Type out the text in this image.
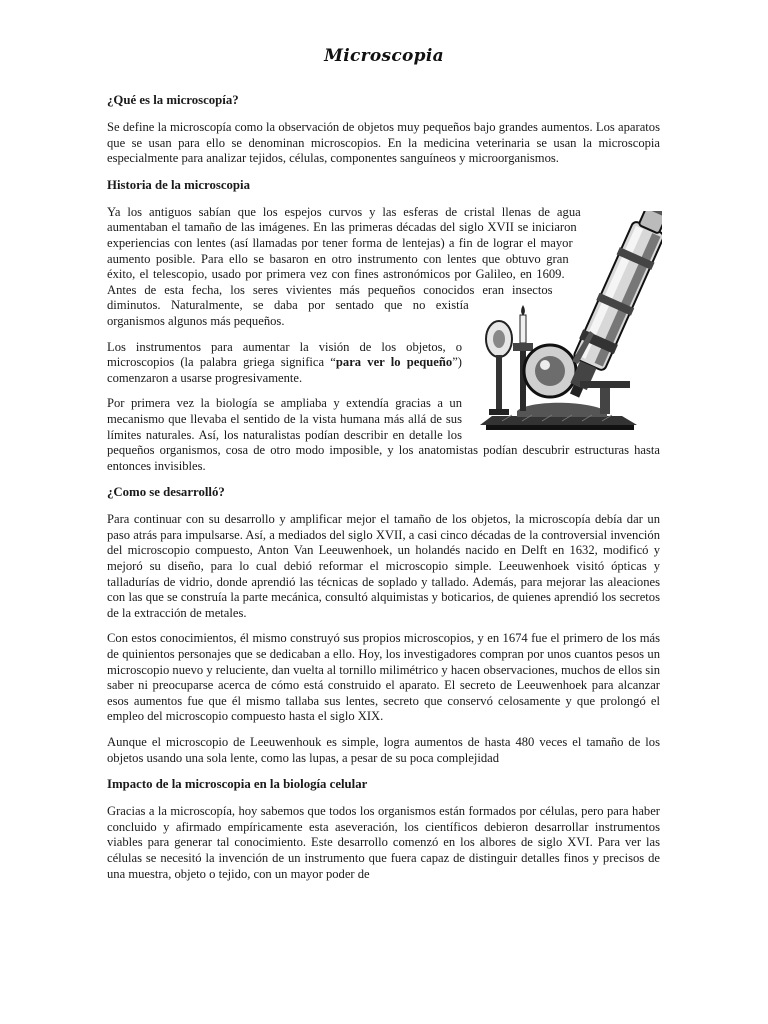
Microscopia
¿Qué es la microscopía?

Se define la microscopía como la observación de objetos muy pequeños bajo grandes aumentos. Los aparatos que se usan para ello se denominan microscopios. En la medicina veterinaria se usan la microscopia especialmente para analizar tejidos, células, componentes sanguíneos y microorganismos.

Historia de la microscopia

Ya los antiguos sabían que los espejos curvos y las esferas de cristal llenas de agua aumentaban el tamaño de las imágenes. En las primeras décadas del siglo XVII se iniciaron experiencias con lentes (así llamadas por tener forma de lentejas) a fin de lograr el mayor aumento posible. Para ello se basaron en otro instrumento con lentes que obtuvo gran éxito, el telescopio, usado por primera vez con fines astronómicos por Galileo, en 1609. Antes de esta fecha, los seres vivientes más pequeños conocidos eran insectos diminutos. Naturalmente, se daba por sentado que no existía organismos algunos más pequeños.

Los instrumentos para aumentar la visión de los objetos, o microscopios (la palabra griega significa “para ver lo pequeño”) comenzaron a usarse progresivamente.

Por primera vez la biología se ampliaba y extendía gracias a un mecanismo que llevaba el sentido de la vista humana más allá de sus límites naturales. Así, los naturalistas podían describir en detalle los pequeños organismos, cosa de otro modo imposible, y los anatomistas podían descubrir estructuras hasta entonces invisibles.

¿Como se desarrolló?

Para continuar con su desarrollo y amplificar mejor el tamaño de los objetos, la microscopía debía dar un paso atrás para impulsarse. Así, a mediados del siglo XVII, a casi cinco décadas de la controversial invención del microscopio compuesto, Anton Van Leeuwenhoek, un holandés nacido en Delft en 1632, modificó y mejoró su diseño, para lo cual debió reformar el microscopio simple. Leeuwenhoek visitó ópticas y talladurías de vidrio, donde aprendió las técnicas de soplado y tallado. Además, para mejorar las aleaciones con las que se construía la parte mecánica, consultó alquimistas y boticarios, de quienes aprendió los secretos de la extracción de metales.

Con estos conocimientos, él mismo construyó sus propios microscopios, y en 1674 fue el primero de los más de quinientos personajes que se dedicaban a ello. Hoy, los investigadores compran por unos cuantos pesos un microscopio nuevo y reluciente, dan vuelta al tornillo milimétrico y hacen observaciones, muchos de ellos sin saber ni preocuparse acerca de cómo está construido el aparato. El secreto de Leeuwenhoek para alcanzar esos aumentos fue que él mismo tallaba sus lentes, secreto que conservó celosamente y que prolongó el empleo del microscopio compuesto hasta el siglo XIX.

Aunque el microscopio de Leeuwenhouk es simple, logra aumentos de hasta 480 veces el tamaño de los objetos usando una sola lente, como las lupas, a pesar de su poca complejidad

Impacto de la microscopia en la biología celular

Gracias a la microscopía, hoy sabemos que todos los organismos están formados por células, pero para haber concluido y afirmado empíricamente esta aseveración, los científicos debieron desarrollar instrumentos viables para generar tal conocimiento. Este desarrollo comenzó en los albores de siglo XVI. Para ver las células se necesitó la invención de un instrumento que fuera capaz de distinguir detalles finos y precisos de una muestra, objeto o tejido, con un mayor poder de
